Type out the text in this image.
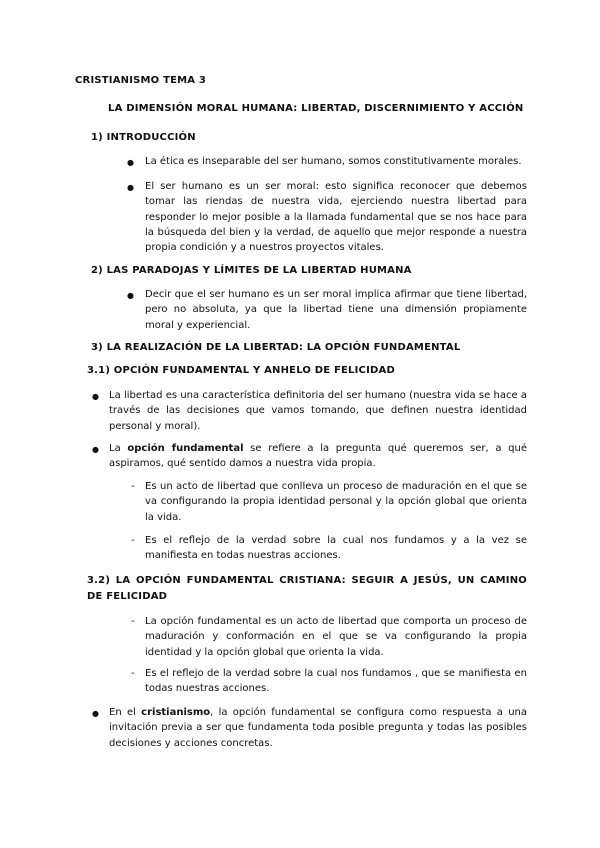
CRISTIANISMO TEMA 3
LA DIMENSIÓN MORAL HUMANA: LIBERTAD, DISCERNIMIENTO Y ACCIÓN
1) INTRODUCCIÓN
● La ética es inseparable del ser humano, somos constitutivamente morales.

● El ser humano es un ser moral: esto significa reconocer que debemos tomar las riendas de nuestra vida, ejerciendo nuestra libertad para responder lo mejor posible a la llamada fundamental que se nos hace para la búsqueda del bien y la verdad, de aquello que mejor responde a nuestra propia condición y a nuestros proyectos vitales.

2) LAS PARADOJAS Y LÍMITES DE LA LIBERTAD HUMANA
● Decir que el ser humano es un ser moral implica afirmar que tiene libertad, pero no absoluta, ya que la libertad tiene una dimensión propiamente moral y experiencial.

3) LA REALIZACIÓN DE LA LIBERTAD: LA OPCIÓN FUNDAMENTAL
3.1) OPCIÓN FUNDAMENTAL Y ANHELO DE FELICIDAD
● La libertad es una característica definitoria del ser humano (nuestra vida se hace a través de las decisiones que vamos tomando, que definen nuestra identidad personal y moral).

● La opción fundamental se refiere a la pregunta qué queremos ser, a qué aspiramos, qué sentido damos a nuestra vida propia.

- Es un acto de libertad que conlleva un proceso de maduración en el que se va configurando la propia identidad personal y la opción global que orienta la vida.

- Es el reflejo de la verdad sobre la cual nos fundamos y a la vez se manifiesta en todas nuestras acciones.

3.2) LA OPCIÓN FUNDAMENTAL CRISTIANA: SEGUIR A JESÚS, UN CAMINO DE FELICIDAD

- La opción fundamental es un acto de libertad que comporta un proceso de maduración y conformación en el que se va configurando la propia identidad y la opción global que orienta la vida.

- Es el reflejo de la verdad sobre la cual nos fundamos , que se manifiesta en todas nuestras acciones.

● En el cristianismo, la opción fundamental se configura como respuesta a una invitación previa a ser que fundamenta toda posible pregunta y todas las posibles decisiones y acciones concretas.
